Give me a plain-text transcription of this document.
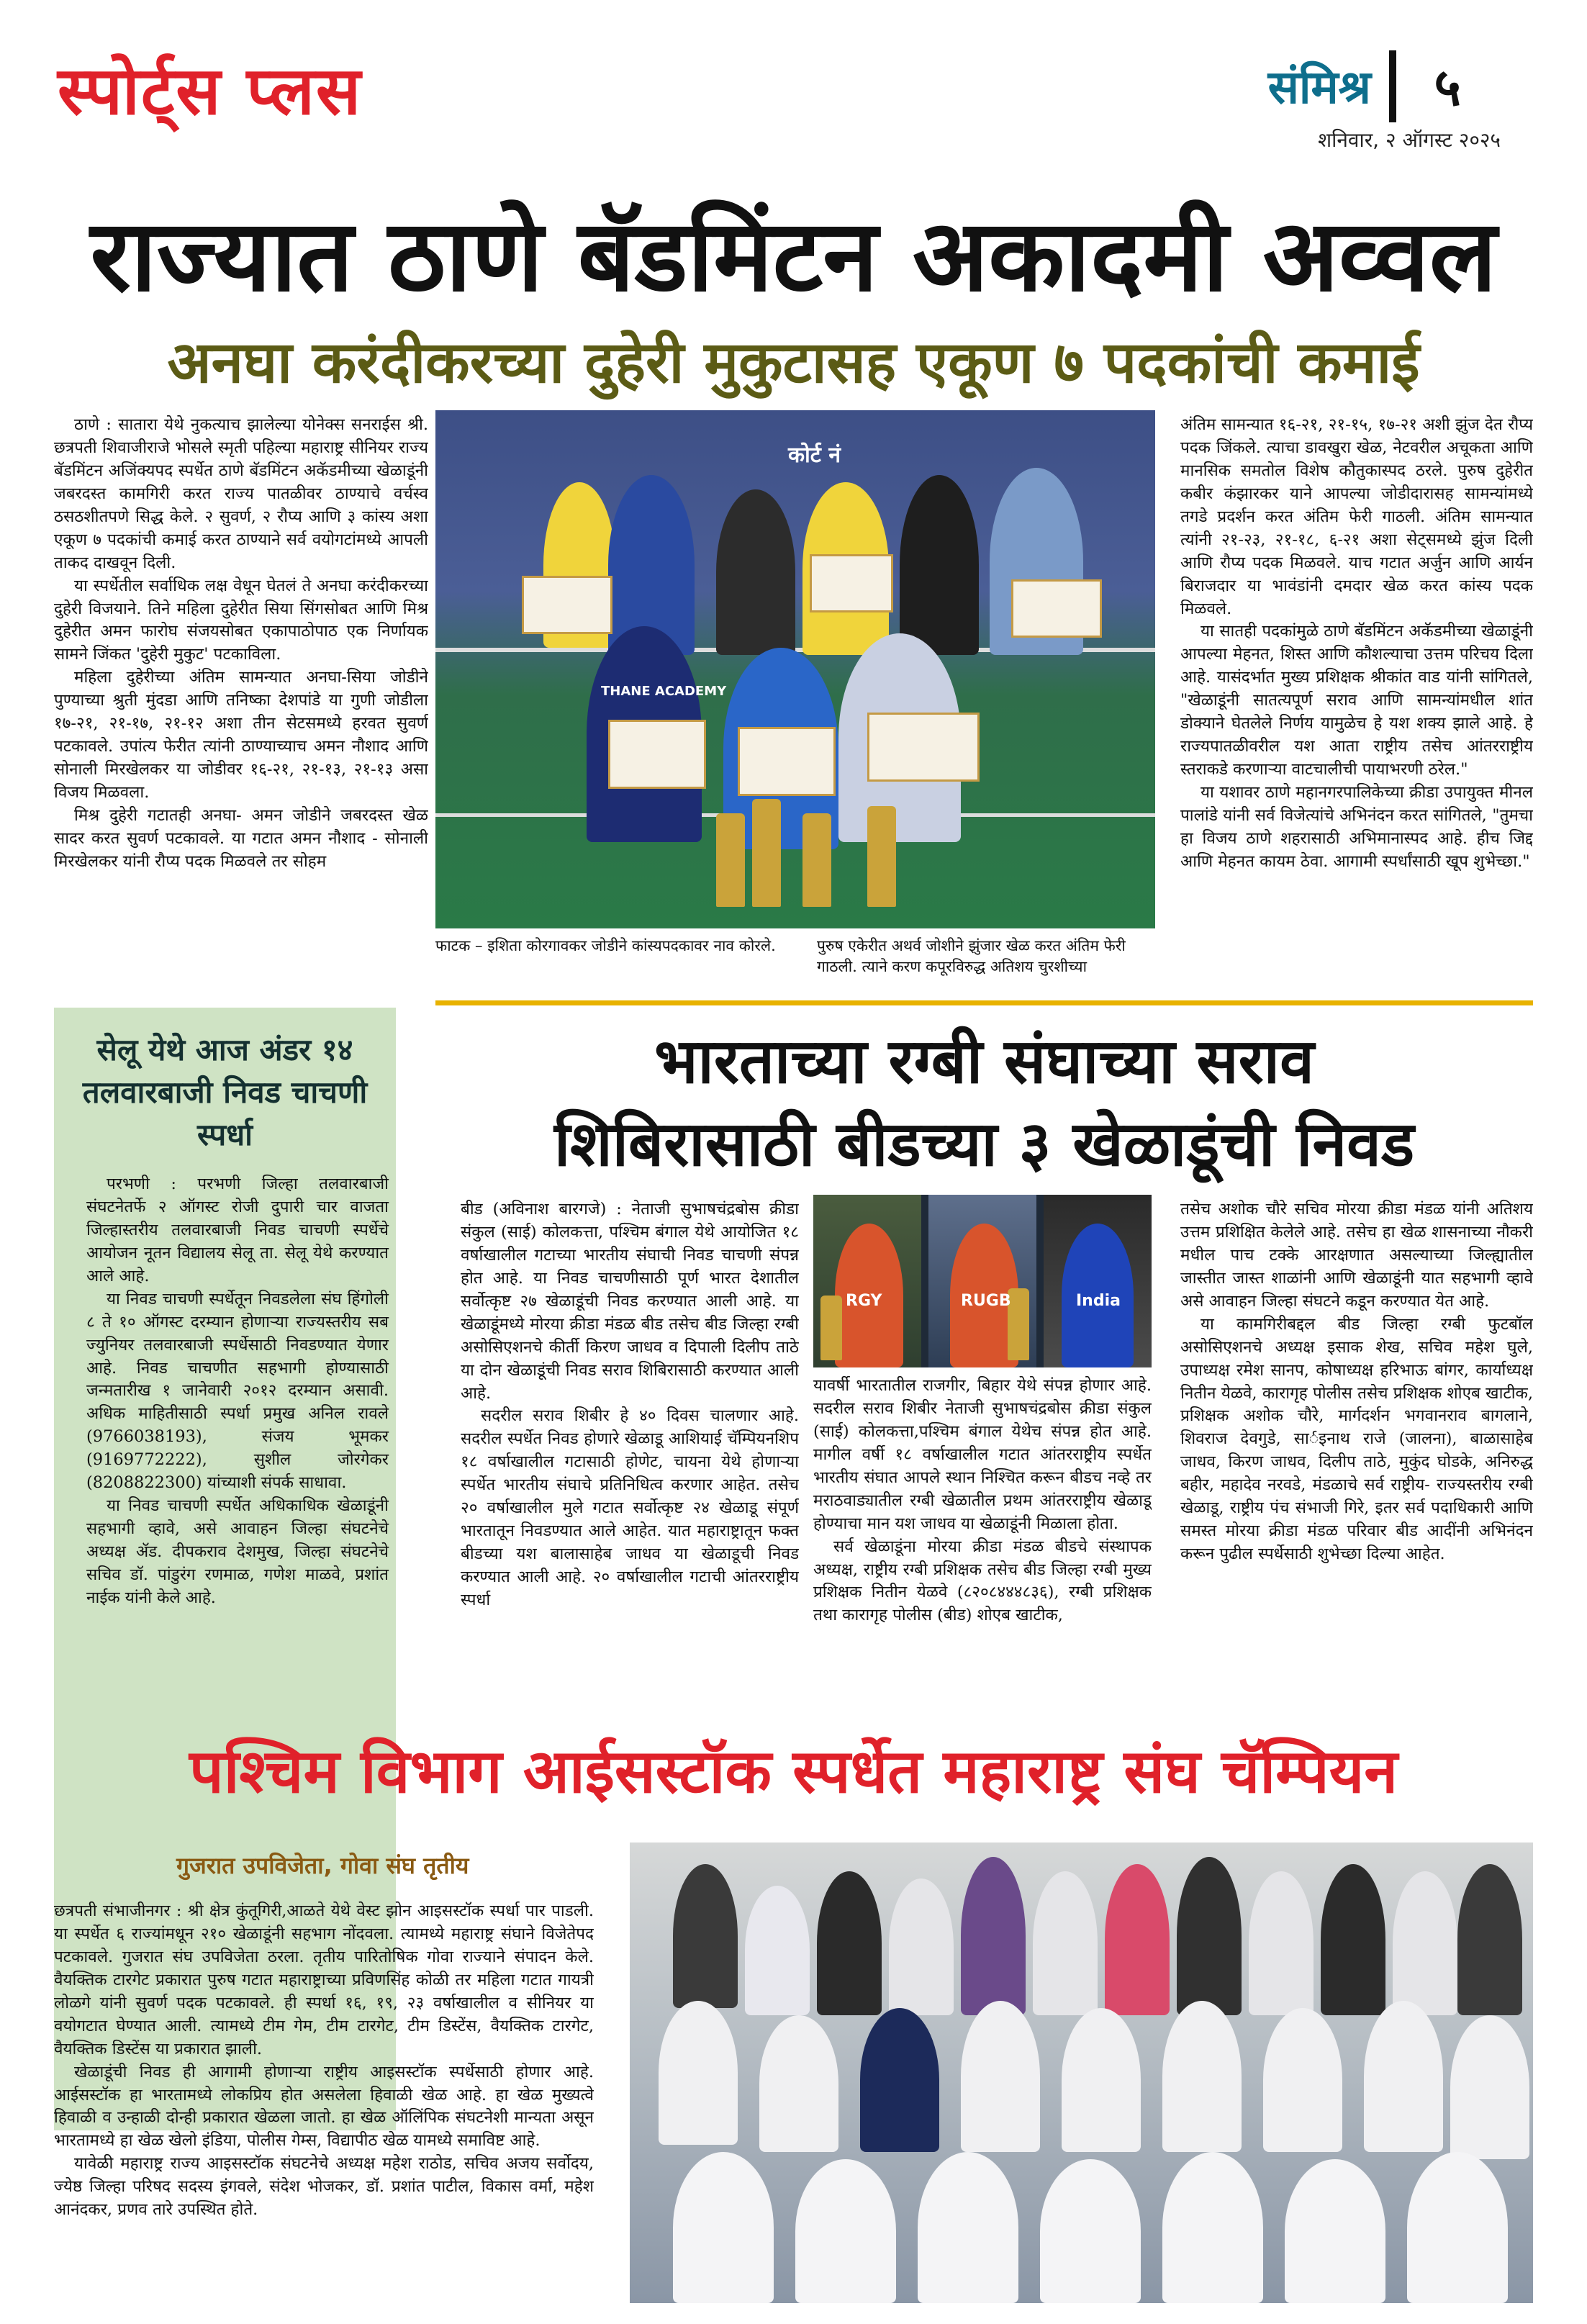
स्पोर्ट्स प्लस	संमिश्र ५
शनिवार, २ ऑगस्ट २०२५
राज्यात ठाणे बॅडमिंटन अकादमी अव्वल
अनघा करंदीकरच्या दुहेरी मुकुटासह एकूण ७ पदकांची कमाई

ठाणे : सातारा येथे नुकत्याच झालेल्या योनेक्स सनराईस श्री. छत्रपती शिवाजीराजे भोसले स्मृती पहिल्या महाराष्ट्र सीनियर राज्य बॅडमिंटन अजिंक्यपद स्पर्धेत ठाणे बॅडमिंटन अकॅडमीच्या खेळाडूंनी जबरदस्त कामगिरी करत राज्य पातळीवर ठाण्याचे वर्चस्व ठसठशीतपणे सिद्ध केले. २ सुवर्ण, २ रौप्य आणि ३ कांस्य अशा एकूण ७ पदकांची कमाई करत ठाण्याने सर्व वयोगटांमध्ये आपली ताकद दाखवून दिली.

या स्पर्धेतील सर्वाधिक लक्ष वेधून घेतलं ते अनघा करंदीकरच्या दुहेरी विजयाने. तिने महिला दुहेरीत सिया सिंगसोबत आणि मिश्र दुहेरीत अमन फारोघ संजयसोबत एकापाठोपाठ एक निर्णायक सामने जिंकत 'दुहेरी मुकुट' पटकाविला.

महिला दुहेरीच्या अंतिम सामन्यात अनघा-सिया जोडीने पुण्याच्या श्रुती मुंदडा आणि तनिष्का देशपांडे या गुणी जोडीला १७-२१, २१-१७, २१-१२ अशा तीन सेटसमध्ये हरवत सुवर्ण पटकावले. उपांत्य फेरीत त्यांनी ठाण्याच्याच अमन नौशाद आणि सोनाली मिरखेलकर या जोडीवर १६-२१, २१-१३, २१-१३ असा विजय मिळवला.

मिश्र दुहेरी गटातही अनघा- अमन जोडीने जबरदस्त खेळ सादर करत सुवर्ण पटकावले. या गटात अमन नौशाद - सोनाली मिरखेलकर यांनी रौप्य पदक मिळवले तर सोहम

कोर्ट नं
THANE ACADEMY
फाटक – इशिता कोरगावकर जोडीने कांस्यपदकावर नाव कोरले.	पुरुष एकेरीत अथर्व जोशीने झुंजार खेळ करत अंतिम फेरी गाठली. त्याने करण कपूरविरुद्ध अतिशय चुरशीच्या

अंतिम सामन्यात १६-२१, २१-१५, १७-२१ अशी झुंज देत रौप्य पदक जिंकले. त्याचा डावखुरा खेळ, नेटवरील अचूकता आणि मानसिक समतोल विशेष कौतुकास्पद ठरले. पुरुष दुहेरीत कबीर कंझारकर याने आपल्या जोडीदारासह सामन्यांमध्ये तगडे प्रदर्शन करत अंतिम फेरी गाठली. अंतिम सामन्यात त्यांनी २१-२३, २१-१८, ६-२१ अशा सेट्समध्ये झुंज दिली आणि रौप्य पदक मिळवले. याच गटात अर्जुन आणि आर्यन बिराजदार या भावंडांनी दमदार खेळ करत कांस्य पदक मिळवले.

या सातही पदकांमुळे ठाणे बॅडमिंटन अकॅडमीच्या खेळाडूंनी आपल्या मेहनत, शिस्त आणि कौशल्याचा उत्तम परिचय दिला आहे. यासंदर्भात मुख्य प्रशिक्षक श्रीकांत वाड यांनी सांगितले, "खेळाडूंनी सातत्यपूर्ण सराव आणि सामन्यांमधील शांत डोक्याने घेतलेले निर्णय यामुळेच हे यश शक्य झाले आहे. हे राज्यपातळीवरील यश आता राष्ट्रीय तसेच आंतरराष्ट्रीय स्तराकडे करणाऱ्या वाटचालीची पायाभरणी ठरेल."

या यशावर ठाणे महानगरपालिकेच्या क्रीडा उपायुक्त मीनल पालांडे यांनी सर्व विजेत्यांचे अभिनंदन करत सांगितले, "तुमचा हा विजय ठाणे शहरासाठी अभिमानास्पद आहे. हीच जिद्द आणि मेहनत कायम ठेवा. आगामी स्पर्धांसाठी खूप शुभेच्छा."

सेलू येथे आज अंडर १४ तलवारबाजी निवड चाचणी स्पर्धा

परभणी : परभणी जिल्हा तलवारबाजी संघटनेतर्फे २ ऑगस्ट रोजी दुपारी चार वाजता जिल्हास्तरीय तलवारबाजी निवड चाचणी स्पर्धेचे आयोजन नूतन विद्यालय सेलू ता. सेलू येथे करण्यात आले आहे.

या निवड चाचणी स्पर्धेतून निवडलेला संघ हिंगोली ८ ते १० ऑगस्ट दरम्यान होणाऱ्या राज्यस्तरीय सब ज्युनियर तलवारबाजी स्पर्धेसाठी निवडण्यात येणार आहे. निवड चाचणीत सहभागी होण्यासाठी जन्मतारीख १ जानेवारी २०१२ दरम्यान असावी. अधिक माहितीसाठी स्पर्धा प्रमुख अनिल रावले (9766038193), संजय भूमकर (9169772222), सुशील जोरगेकर (8208822300) यांच्याशी संपर्क साधावा.

या निवड चाचणी स्पर्धेत अधिकाधिक खेळाडूंनी सहभागी व्हावे, असे आवाहन जिल्हा संघटनेचे अध्यक्ष ॲड. दीपकराव देशमुख, जिल्हा संघटनेचे सचिव डॉ. पांडुरंग रणमाळ, गणेश माळवे, प्रशांत नाईक यांनी केले आहे.

भारताच्या रग्बी संघाच्या सराव
शिबिरासाठी बीडच्या ३ खेळाडूंची निवड

बीड (अविनाश बारगजे) : नेताजी सुभाषचंद्रबोस क्रीडा संकुल (साई) कोलकत्ता, पश्चिम बंगाल येथे आयोजित १८ वर्षाखालील गटाच्या भारतीय संघाची निवड चाचणी संपन्न होत आहे. या निवड चाचणीसाठी पूर्ण भारत देशातील सर्वोत्कृष्ट २७ खेळाडूंची निवड करण्यात आली आहे. या खेळाडूंमध्ये मोरया क्रीडा मंडळ बीड तसेच बीड जिल्हा रग्बी असोसिएशनचे कीर्ती किरण जाधव व दिपाली दिलीप ताठे या दोन खेळाडूंची निवड सराव शिबिरासाठी करण्यात आली आहे.

सदरील सराव शिबीर हे ४० दिवस चालणार आहे. सदरील स्पर्धेत निवड होणारे खेळाडू आशियाई चॅम्पियनशिप १८ वर्षाखालील गटासाठी होणेट, चायना येथे होणाऱ्या स्पर्धेत भारतीय संघाचे प्रतिनिधित्व करणार आहेत. तसेच २० वर्षाखालील मुले गटात सर्वोत्कृष्ट २४ खेळाडू संपूर्ण भारतातून निवडण्यात आले आहेत. यात महाराष्ट्रातून फक्त बीडच्या यश बालासाहेब जाधव या खेळाडूची निवड करण्यात आली आहे. २० वर्षाखालील गटाची आंतरराष्ट्रीय स्पर्धा

RGY	RUGB	India

यावर्षी भारतातील राजगीर, बिहार येथे संपन्न होणार आहे. सदरील सराव शिबीर नेताजी सुभाषचंद्रबोस क्रीडा संकुल (साई) कोलकत्ता,पश्चिम बंगाल येथेच संपन्न होत आहे. मागील वर्षी १८ वर्षाखालील गटात आंतरराष्ट्रीय स्पर्धेत भारतीय संघात आपले स्थान निश्चित करून बीडच नव्हे तर मराठवाड्यातील रग्बी खेळातील प्रथम आंतरराष्ट्रीय खेळाडू होण्याचा मान यश जाधव या खेळाडूंनी मिळाला होता.

सर्व खेळाडूंना मोरया क्रीडा मंडळ बीडचे संस्थापक अध्यक्ष, राष्ट्रीय रग्बी प्रशिक्षक तसेच बीड जिल्हा रग्बी मुख्य प्रशिक्षक नितीन येळवे (८२०८४४४८३६), रग्बी प्रशिक्षक तथा कारागृह पोलीस (बीड) शोएब खाटीक,

तसेच अशोक चौरे सचिव मोरया क्रीडा मंडळ यांनी अतिशय उत्तम प्रशिक्षित केलेले आहे. तसेच हा खेळ शासनाच्या नौकरी मधील पाच टक्के आरक्षणात असल्याच्या जिल्ह्यातील जास्तीत जास्त शाळांनी आणि खेळाडूंनी यात सहभागी व्हावे असे आवाहन जिल्हा संघटने कडून करण्यात येत आहे.

या कामगिरीबद्दल बीड जिल्हा रग्बी फुटबॉल असोसिएशनचे अध्यक्ष इसाक शेख, सचिव महेश घुले, उपाध्यक्ष रमेश सानप, कोषाध्यक्ष हरिभाऊ बांगर, कार्याध्यक्ष नितीन येळवे, कारागृह पोलीस तसेच प्रशिक्षक शोएब खाटीक, प्रशिक्षक अशोक चौरे, मार्गदर्शन भगवानराव बागलाने, शिवराज देवगुडे, सार्इनाथ राजे (जालना), बाळासाहेब जाधव, किरण जाधव, दिलीप ताठे, मुकुंद घोडके, अनिरुद्ध बहीर, महादेव नरवडे, मंडळाचे सर्व राष्ट्रीय- राज्यस्तरीय रग्बी खेळाडू, राष्ट्रीय पंच संभाजी गिरे, इतर सर्व पदाधिकारी आणि समस्त मोरया क्रीडा मंडळ परिवार बीड आदींनी अभिनंदन करून पुढील स्पर्धेसाठी शुभेच्छा दिल्या आहेत.

पश्चिम विभाग आईसस्टॉक स्पर्धेत महाराष्ट्र संघ चॅम्पियन
गुजरात उपविजेता, गोवा संघ तृतीय

छत्रपती संभाजीनगर : श्री क्षेत्र कुंतूगिरी,आळते येथे वेस्ट झोन आइसस्टॉक स्पर्धा पार पाडली. या स्पर्धेत ६ राज्यांमधून २१० खेळाडूंनी सहभाग नोंदवला. त्यामध्ये महाराष्ट्र संघाने विजेतेपद पटकावले. गुजरात संघ उपविजेता ठरला. तृतीय पारितोषिक गोवा राज्याने संपादन केले. वैयक्तिक टारगेट प्रकारात पुरुष गटात महाराष्ट्राच्या प्रविणसिंह कोळी तर महिला गटात गायत्री लोळगे यांनी सुवर्ण पदक पटकावले. ही स्पर्धा १६, १९, २३ वर्षाखालील व सीनियर या वयोगटात घेण्यात आली. त्यामध्ये टीम गेम, टीम टारगेट, टीम डिस्टेंस, वैयक्तिक टारगेट, वैयक्तिक डिस्टेंस या प्रकारात झाली.

खेळाडूंची निवड ही आगामी होणाऱ्या राष्ट्रीय आइसस्टॉक स्पर्धेसाठी होणार आहे. आईसस्टॉक हा भारतामध्ये लोकप्रिय होत असलेला हिवाळी खेळ आहे. हा खेळ मुख्यत्वे हिवाळी व उन्हाळी दोन्ही प्रकारात खेळला जातो. हा खेळ ऑलिंपिक संघटनेशी मान्यता असून भारतामध्ये हा खेळ खेलो इंडिया, पोलीस गेम्स, विद्यापीठ खेळ यामध्ये समाविष्ट आहे.

यावेळी महाराष्ट्र राज्य आइसस्टॉक संघटनेचे अध्यक्ष महेश राठोड, सचिव अजय सर्वोदय, ज्येष्ठ जिल्हा परिषद सदस्य इंगवले, संदेश भोजकर, डॉ. प्रशांत पाटील, विकास वर्मा, महेश आनंदकर, प्रणव तारे उपस्थित होते.
